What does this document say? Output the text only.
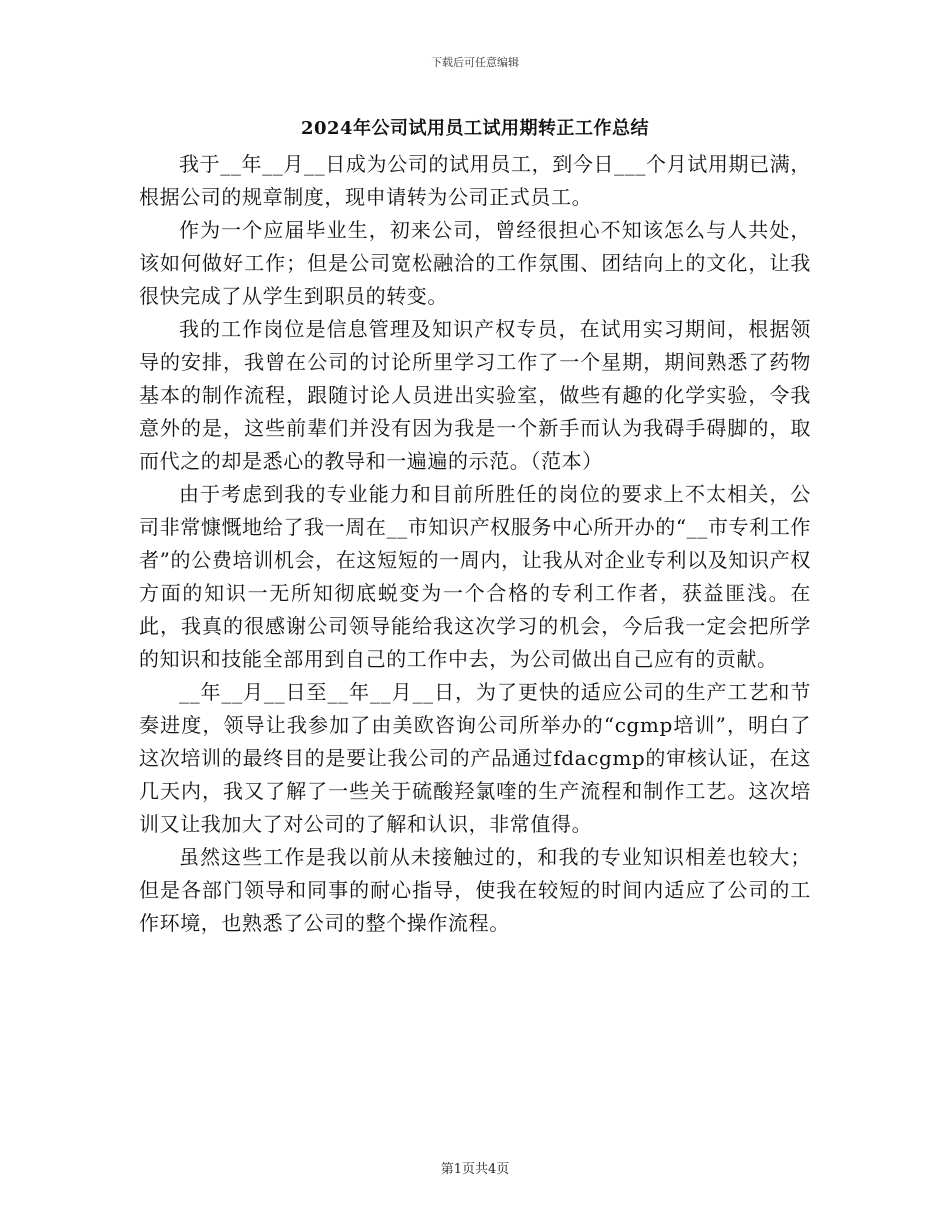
下载后可任意编辑
2024年公司试用员工试用期转正工作总结

我于__年__月__日成为公司的试用员工，到今日___个月试用期已满，根据公司的规章制度，现申请转为公司正式员工。

作为一个应届毕业生，初来公司，曾经很担心不知该怎么与人共处，该如何做好工作；但是公司宽松融洽的工作氛围、团结向上的文化，让我很快完成了从学生到职员的转变。

我的工作岗位是信息管理及知识产权专员，在试用实习期间，根据领导的安排，我曾在公司的讨论所里学习工作了一个星期，期间熟悉了药物基本的制作流程，跟随讨论人员进出实验室，做些有趣的化学实验，令我意外的是，这些前辈们并没有因为我是一个新手而认为我碍手碍脚的，取而代之的却是悉心的教导和一遍遍的示范。（范本）

由于考虑到我的专业能力和目前所胜任的岗位的要求上不太相关，公司非常慷慨地给了我一周在__市知识产权服务中心所开办的“__市专利工作者”的公费培训机会，在这短短的一周内，让我从对企业专利以及知识产权方面的知识一无所知彻底蜕变为一个合格的专利工作者，获益匪浅。在此，我真的很感谢公司领导能给我这次学习的机会，今后我一定会把所学的知识和技能全部用到自己的工作中去，为公司做出自己应有的贡献。

__年__月__日至__年__月__日，为了更快的适应公司的生产工艺和节奏进度，领导让我参加了由美欧咨询公司所举办的“cgmp培训”，明白了这次培训的最终目的是要让我公司的产品通过fdacgmp的审核认证，在这几天内，我又了解了一些关于硫酸羟氯喹的生产流程和制作工艺。这次培训又让我加大了对公司的了解和认识，非常值得。

虽然这些工作是我以前从未接触过的，和我的专业知识相差也较大；但是各部门领导和同事的耐心指导，使我在较短的时间内适应了公司的工作环境，也熟悉了公司的整个操作流程。

第1页共4页
